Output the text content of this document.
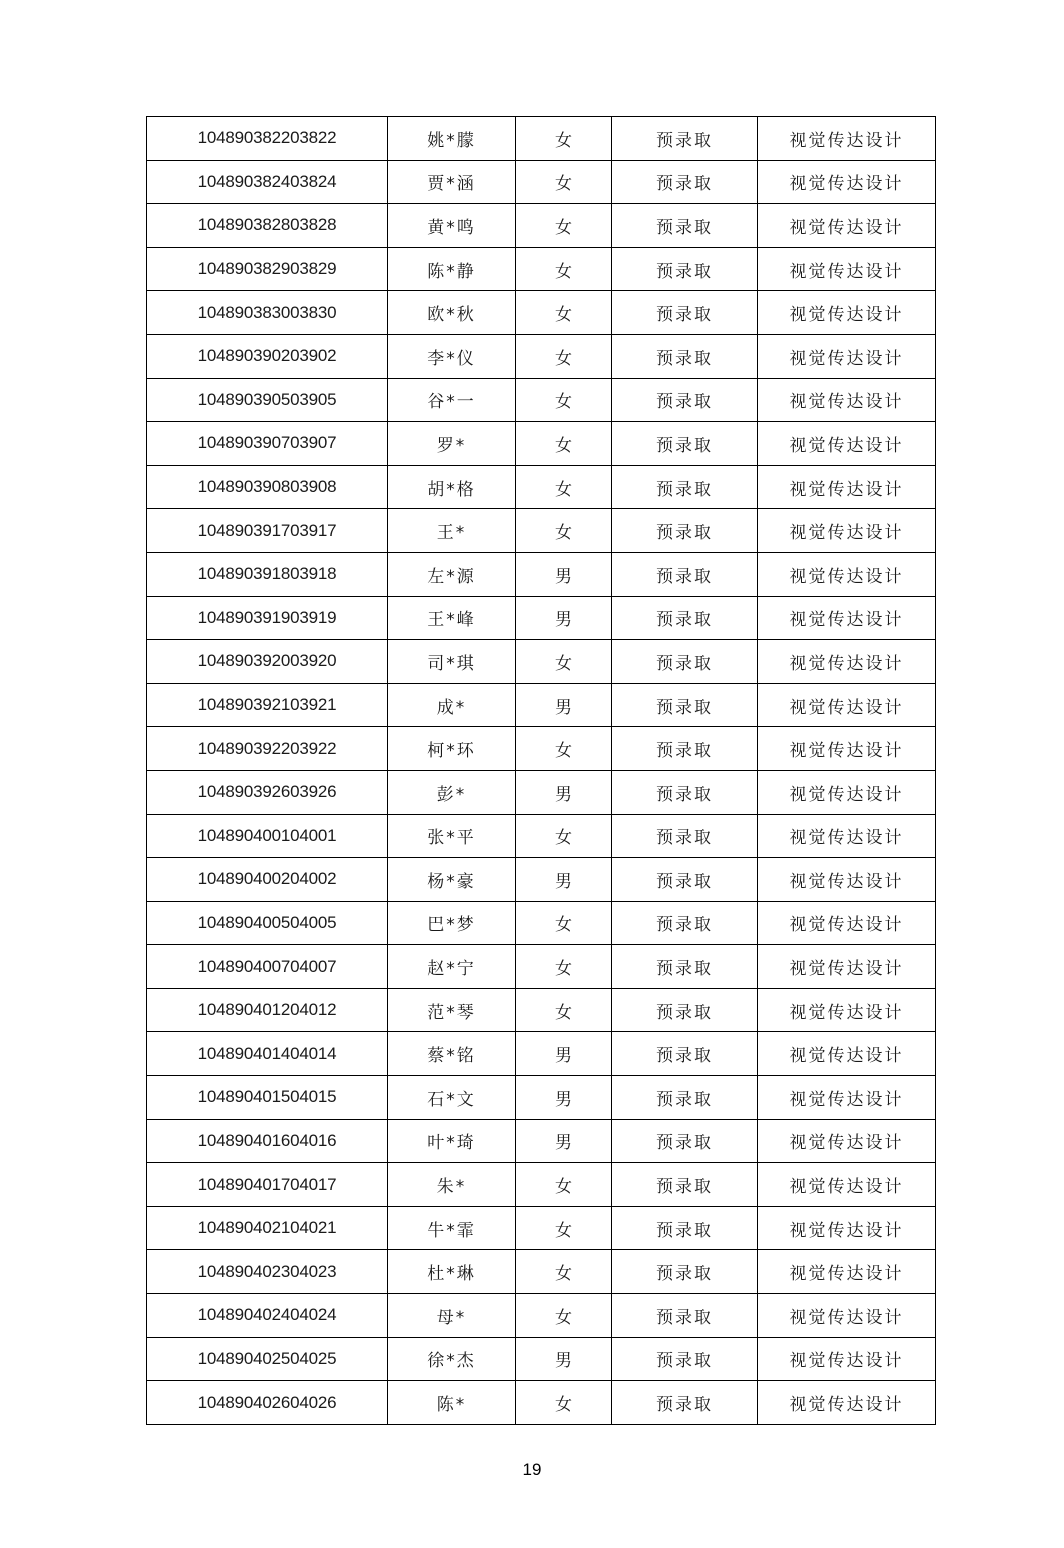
104890382203822	姚*朦	女	预录取	视觉传达设计
104890382403824	贾*涵	女	预录取	视觉传达设计
104890382803828	黄*鸣	女	预录取	视觉传达设计
104890382903829	陈*静	女	预录取	视觉传达设计
104890383003830	欧*秋	女	预录取	视觉传达设计
104890390203902	李*仪	女	预录取	视觉传达设计
104890390503905	谷*一	女	预录取	视觉传达设计
104890390703907	罗*	女	预录取	视觉传达设计
104890390803908	胡*格	女	预录取	视觉传达设计
104890391703917	王*	女	预录取	视觉传达设计
104890391803918	左*源	男	预录取	视觉传达设计
104890391903919	王*峰	男	预录取	视觉传达设计
104890392003920	司*琪	女	预录取	视觉传达设计
104890392103921	成*	男	预录取	视觉传达设计
104890392203922	柯*环	女	预录取	视觉传达设计
104890392603926	彭*	男	预录取	视觉传达设计
104890400104001	张*平	女	预录取	视觉传达设计
104890400204002	杨*豪	男	预录取	视觉传达设计
104890400504005	巴*梦	女	预录取	视觉传达设计
104890400704007	赵*宁	女	预录取	视觉传达设计
104890401204012	范*琴	女	预录取	视觉传达设计
104890401404014	蔡*铭	男	预录取	视觉传达设计
104890401504015	石*文	男	预录取	视觉传达设计
104890401604016	叶*琦	男	预录取	视觉传达设计
104890401704017	朱*	女	预录取	视觉传达设计
104890402104021	牛*霏	女	预录取	视觉传达设计
104890402304023	杜*琳	女	预录取	视觉传达设计
104890402404024	母*	女	预录取	视觉传达设计
104890402504025	徐*杰	男	预录取	视觉传达设计
104890402604026	陈*	女	预录取	视觉传达设计
19
